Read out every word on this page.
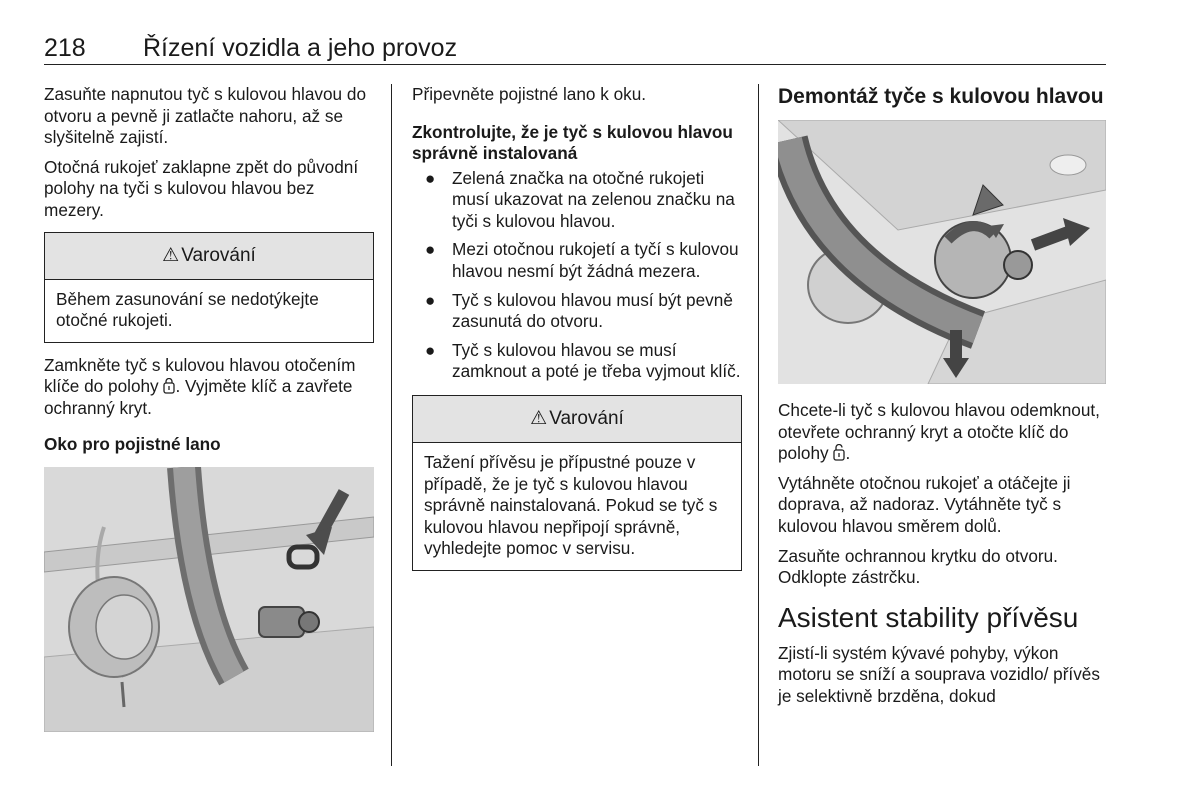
218 Řízení vozidla a jeho provoz

Zasuňte napnutou tyč s kulovou hlavou do otvoru a pevně ji zatlačte nahoru, až se slyšitelně zajistí.

Otočná rukojeť zaklapne zpět do původní polohy na tyči s kulovou hlavou bez mezery.

⚠ Varování
Během zasunování se nedotýkejte otočné rukojeti.

Zamkněte tyč s kulovou hlavou otočením klíče do polohy . Vyjměte klíč a zavřete ochranný kryt.

Oko pro pojistné lano

Připevněte pojistné lano k oku.

Zkontrolujte, že je tyč s kulovou hlavou správně instalovaná
● Zelená značka na otočné rukojeti musí ukazovat na zelenou značku na tyči s kulovou hlavou.
● Mezi otočnou rukojetí a tyčí s kulovou hlavou nesmí být žádná mezera.
● Tyč s kulovou hlavou musí být pevně zasunutá do otvoru.
● Tyč s kulovou hlavou se musí zamknout a poté je třeba vyjmout klíč.
⚠ Varování
Tažení přívěsu je přípustné pouze v případě, že je tyč s kulovou hlavou správně nainstalovaná. Pokud se tyč s kulovou hlavou nepřipojí správně, vyhledejte pomoc v servisu.
Demontáž tyče s kulovou hlavou

Chcete-li tyč s kulovou hlavou odemknout, otevřete ochranný kryt a otočte klíč do polohy .

Vytáhněte otočnou rukojeť a otáčejte ji doprava, až nadoraz. Vytáhněte tyč s kulovou hlavou směrem dolů.

Zasuňte ochrannou krytku do otvoru. Odklopte zástrčku.

Asistent stability přívěsu

Zjistí-li systém kývavé pohyby, výkon motoru se sníží a souprava vozidlo/ přívěs je selektivně brzděna, dokud
